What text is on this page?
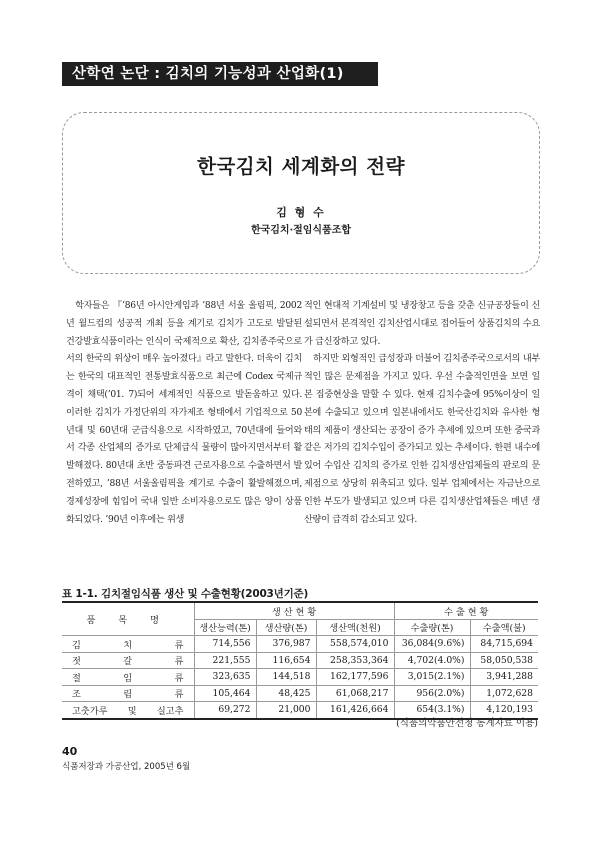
산학연 논단 : 김치의 기능성과 산업화(1)
한국김치 세계화의 전략
김 형 수
한국김치·절임식품조합

학자들은 『’86년 아시안게임과 ’88년 서울 올림픽, 2002년 월드컵의 성공적 개최 등을 계기로 김치가 고도로 발달된 건강발효식품이라는 인식이 국제적으로 확산, 김치종주국으로서의 한국의 위상이 매우 높아졌다』라고 말한다. 더욱이 김치는 한국의 대표적인 전통발효식품으로 최근에 Codex 국제규격이 채택(’01. 7)되어 세계적인 식품으로 발돋움하고 있다. 이러한 김치가 가정단위의 자가제조 형태에서 기업적으로 50년대 및 60년대 군급식용으로 시작하였고, 70년대에 들어와서 각종 산업체의 증가로 단체급식 물량이 많아지면서부터 활발해졌다. 80년대 초반 중동파견 근로자용으로 수출하면서 발전하였고, ’88년 서울올림픽을 계기로 수출이 활발해졌으며, 경제성장에 힘입어 국내 일반 소비자용으로도 많은 양이 상품화되었다. ’90년 이후에는 위생

적인 현대적 기계설비 및 냉장창고 등을 갖춘 신규공장들이 신설되면서 본격적인 김치산업시대로 접어들어 상품김치의 수요가 급신장하고 있다.

하지만 외형적인 급성장과 더불어 김치종주국으로서의 내부적인 많은 문제점을 가지고 있다. 우선 수출적인면을 보면 일본 집중현상을 말할 수 있다. 현재 김치수출에 95%이상이 일본에 수출되고 있으며 일본내에서도 한국산김치와 유사한 형태의 제품이 생산되는 공장이 증가 추세에 있으며 또한 중국과 같은 저가의 김치수입이 증가되고 있는 추세이다. 한편 내수에 있어 수입산 김치의 증가로 인한 김치생산업체들의 판로의 문제점으로 상당히 위축되고 있다. 일부 업체에서는 자금난으로 인한 부도가 발생되고 있으며 다른 김치생산업체들은 매년 생산량이 급격히 감소되고 있다.

표 1-1. 김치절임식품 생산 및 수출현황(2003년기준)
품 목 명	생 산 현 황			수 출 현 황	
	생산능력(톤)	생산량(톤)	생산액(천원)	수출량(톤)	수출액(불)
김 치 류	714,556	376,987	558,574,010	36,084(9.6%)	84,715,694
젓 갈 류	221,555	116,654	258,353,364	4,702(4.0%)	58,050,538
절 임 류	323,635	144,518	162,177,596	3,015(2.1%)	3,941,288
조 림 류	105,464	48,425	61,068,217	956(2.0%)	1,072,628
고춧가루 및 실고추	69,272	21,000	161,426,664	654(3.1%)	4,120,193
(식품의약품안전청 통계자료 이용)
40
식품저장과 가공산업, 2005년 6월
